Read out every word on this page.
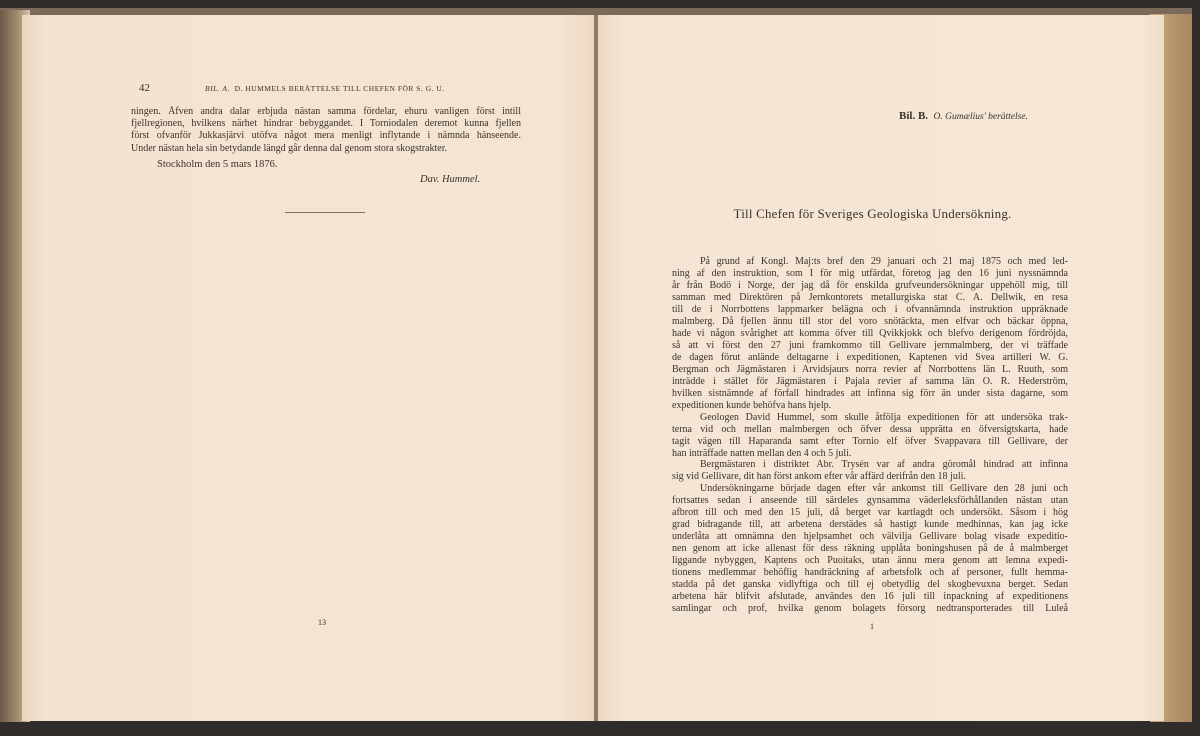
42	BIL. A. D. HUMMELS BERÄTTELSE TILL CHEFEN FÖR S. G. U.
ningen. Åfven andra dalar erbjuda nästan samma fördelar, ehuru vanligen först intill
fjellregionen, hvilkens närhet hindrar bebyggandet. I Torniodalen deremot kunna fjellen
först ofvanför Jukkasjärvi utöfva något mera menligt inflytande i nämnda hänseende.
Under nästan hela sin betydande längd går denna dal genom stora skogstrakter.
Stockholm den 5 mars 1876.
Dav. Hummel.
13
Bil. B. O. Gumælius' berättelse.
Till Chefen för Sveriges Geologiska Undersökning.
På grund af Kongl. Maj:ts bref den 29 januari och 21 maj 1875 och med led-
ning af den instruktion, som I för mig utfärdat, företog jag den 16 juni nyssnämnda
år från Bodö i Norge, der jag då för enskilda grufveundersökningar uppehöll mig, till
samman med Direktören på Jernkontorets metallurgiska stat C. A. Dellwik, en resa
till de i Norrbottens lappmarker belägna och i ofvannämnda instruktion uppräknade
malmberg. Då fjellen ännu till stor del voro snötäckta, men elfvar och bäckar öppna,
hade vi någon svårighet att komma öfver till Qvikkjokk och blefvo derigenom fördröjda,
så att vi först den 27 juni framkommo till Gellivare jernmalmberg, der vi träffade
de dagen förut anlände deltagarne i expeditionen, Kaptenen vid Svea artilleri W. G.
Bergman och Jägmästaren i Arvidsjaurs norra revier af Norrbottens län L. Ruuth, som
inträdde i stället för Jägmästaren i Pajala revier af samma län O. R. Hederström,
hvilken sistnämnde af förfall hindrades att infinna sig förr än under sista dagarne, som
expeditionen kunde behöfva hans hjelp.
Geologen David Hummel, som skulle åtfölja expeditionen för att undersöka trak-
terna vid och mellan malmbergen och öfver dessa upprätta en öfversigtskarta, hade
tagit vägen till Haparanda samt efter Tornio elf öfver Svappavara till Gellivare, der
han inträffade natten mellan den 4 och 5 juli.
Bergmästaren i distriktet Abr. Trysén var af andra göromål hindrad att infinna
sig vid Gellivare, dit han först ankom efter vår affärd derifrån den 18 juli.
Undersökningarne började dagen efter vår ankomst till Gellivare den 28 juni och
fortsattes sedan i anseende till särdeles gynsamma väderleksförhållanden nästan utan
afbrott till och med den 15 juli, då berget var kartlagdt och undersökt. Såsom i hög
grad bidragande till, att arbetena derstädes så hastigt kunde medhinnas, kan jag icke
underlåta att omnämna den hjelpsamhet och välvilja Gellivare bolag visade expeditio-
nen genom att icke allenast för dess räkning upplåta boningshusen på de å malmberget
liggande nybyggen, Kaptens och Puoitaks, utan ännu mera genom att lemna expedi-
tionens medlemmar behöflig handräckning af arbetsfolk och af personer, fullt hemma-
stadda på det ganska vidlyftiga och till ej obetydlig del skogbevuxna berget. Sedan
arbetena här blifvit afslutade, användes den 16 juli till inpackning af expeditionens
samlingar och prof, hvilka genom bolagets försorg nedtransporterades till Luleå
1
